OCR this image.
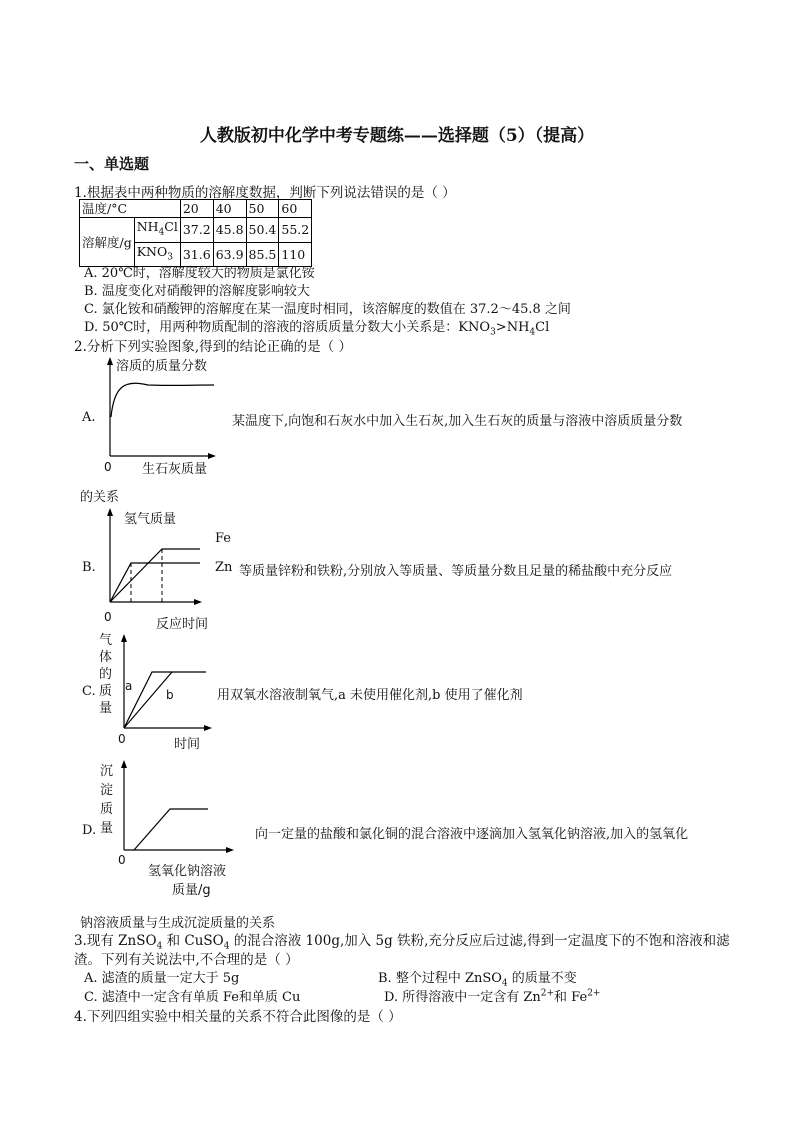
人教版初中化学中考专题练——选择题（5）（提高）
一、单选题
1.根据表中两种物质的溶解度数据，判断下列说法错误的是（ ）
温度/°C		20	40	50	60
溶解度/g	$NH_4Cl$	37.2	45.8	50.4	55.2
	$KNO_3$	31.6	63.9	85.5	110
A. 20℃时，溶解度较大的物质是氯化铵
B. 温度变化对硝酸钾的溶解度影响较大
C. 氯化铵和硝酸钾的溶解度在某一温度时相同，该溶解度的数值在 37.2～45.8 之间
D. 50℃时，用两种物质配制的溶液的溶质质量分数大小关系是：$KNO_3>NH_4Cl$
2.分析下列实验图象,得到的结论正确的是（ ）
A.
溶质的质量分数
0 生石灰质量
某温度下,向饱和石灰水中加入生石灰,加入生石灰的质量与溶液中溶质质量分数
的关系
B.
氢气质量
0	反应时间
Fe
Zn 等质量锌粉和铁粉,分别放入等质量、等质量分数且足量的稀盐酸中充分反应
C.
气
体
的
质
量
a
b
0	时间
用双氧水溶液制氧气,a 未使用催化剂,b 使用了催化剂
D.
沉
淀
质
量
0
氢氧化钠溶液
质量/g
向一定量的盐酸和氯化铜的混合溶液中逐滴加入氢氧化钠溶液,加入的氢氧化
钠溶液质量与生成沉淀质量的关系
3.现有 ZnSO$_4$ 和 CuSO$_4$ 的混合溶液 100g,加入 5g 铁粉,充分反应后过滤,得到一定温度下的不饱和溶液和滤
渣。下列有关说法中,不合理的是（ ）
A. 滤渣的质量一定大于 5g	B. 整个过程中 ZnSO$_4$ 的质量不变
C. 滤渣中一定含有单质 Fe和单质 Cu	D. 所得溶液中一定含有 $Zn^{2+}$和 $Fe^{2+}$
4.下列四组实验中相关量的关系不符合此图像的是（ ）
